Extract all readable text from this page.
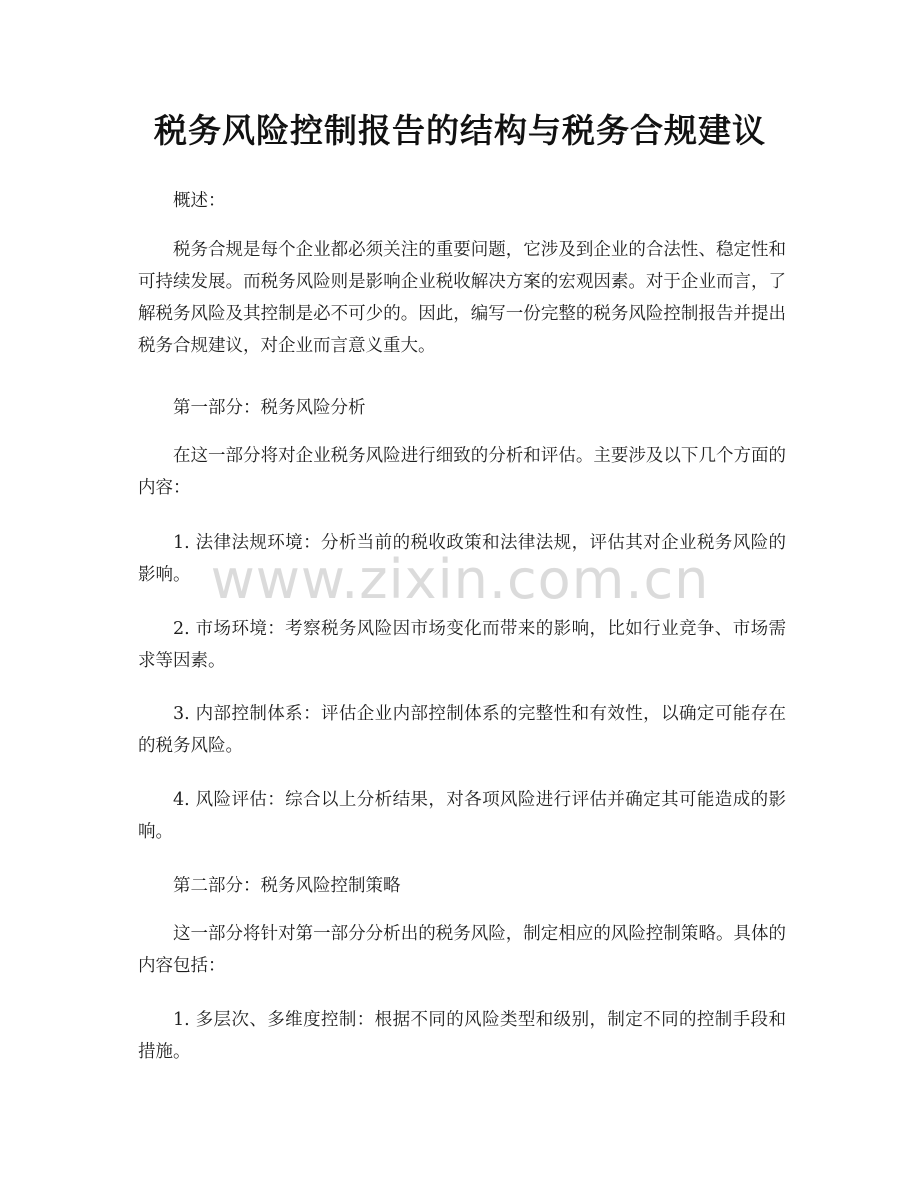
税务风险控制报告的结构与税务合规建议

概述：

税务合规是每个企业都必须关注的重要问题，它涉及到企业的合法性、稳定性和可持续发展。而税务风险则是影响企业税收解决方案的宏观因素。对于企业而言，了解税务风险及其控制是必不可少的。因此，编写一份完整的税务风险控制报告并提出税务合规建议，对企业而言意义重大。

第一部分：税务风险分析

在这一部分将对企业税务风险进行细致的分析和评估。主要涉及以下几个方面的内容：

1. 法律法规环境：分析当前的税收政策和法律法规，评估其对企业税务风险的影响。

2. 市场环境：考察税务风险因市场变化而带来的影响，比如行业竞争、市场需求等因素。

3. 内部控制体系：评估企业内部控制体系的完整性和有效性，以确定可能存在的税务风险。

4. 风险评估：综合以上分析结果，对各项风险进行评估并确定其可能造成的影响。

第二部分：税务风险控制策略

这一部分将针对第一部分分析出的税务风险，制定相应的风险控制策略。具体的内容包括：

1. 多层次、多维度控制：根据不同的风险类型和级别，制定不同的控制手段和措施。

www.zixin.com.cn
